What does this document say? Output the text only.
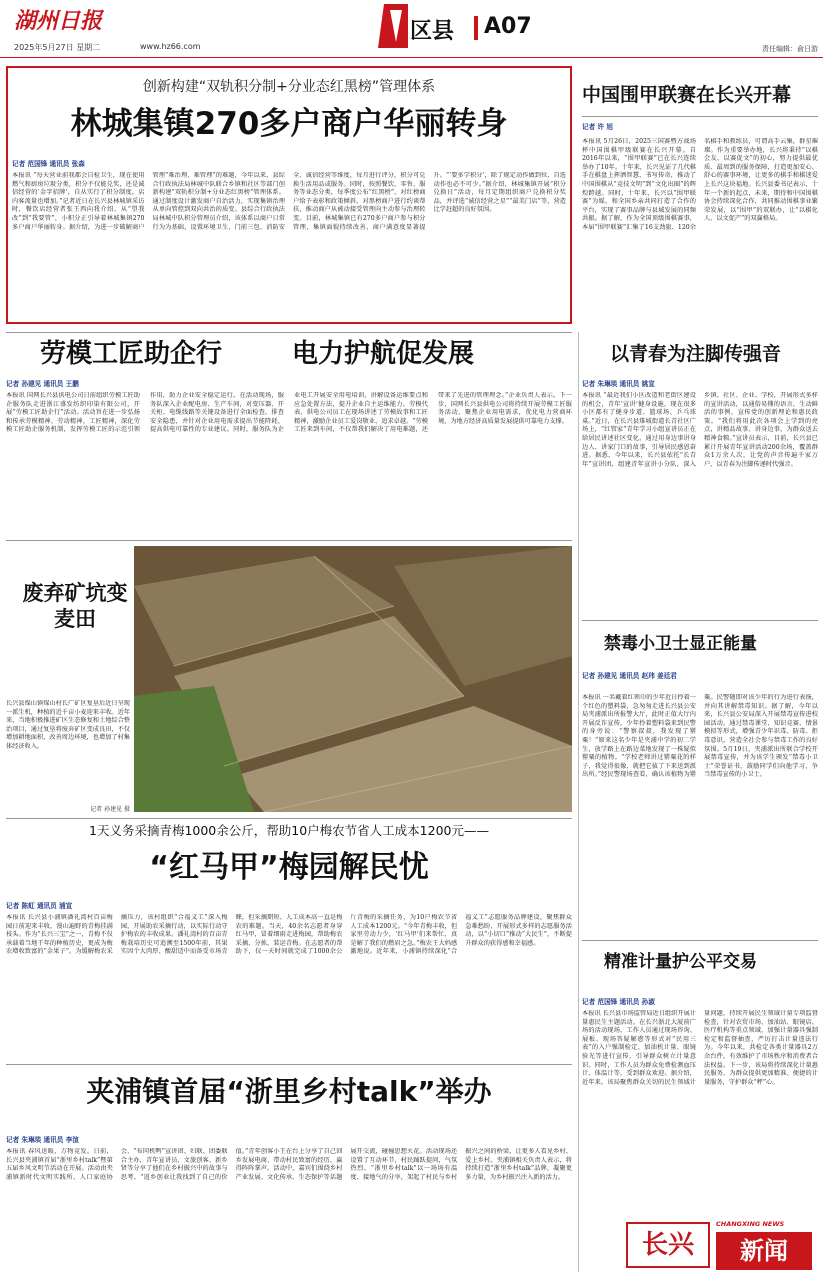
湖州日报
2025年5月27日 星期二	www.hz66.com
区县	A07
责任编辑：俞日游
创新构建“双轨积分制+分业态红黑榜”管理体系
林城集镇270多户商户华丽转身
记者 范国锋 通讯员 张森
本报讯 “每天营业前我都会自检卫生，现在使用燃气和厨房垃圾分类，积分不仅能兑奖，还是诚信经营的‘金字招牌’，自从实行了积分制度，店内客流量也增加。”记者近日在长兴县林城镇采访时，餐饮店经营者张王西向我介绍。从“望我改”到“我要管”，小积分正引导着林城集镇270多户商户华丽转身。据介绍，为进一步破解商户管理“难治理、难管理”的难题，今年以来，县综合行政执法局林城中队联合乡镇和社区等部门创新构建“双轨积分制+分业态红黑榜”管理体系。通过制度设计激发商户自治活力，实现集镇治理从单向管控到双向共治的质变。县综合行政执法局林城中队积分管理员介绍，该体系以商户日常行为为基础，设置环境卫生、门前三包、消防安全、诚信经营等维度，每月进行评分，积分可兑换生活用品或服务。同时，按照餐饮、零售、服务等业态分类，每季度公布“红黑榜”，对红榜商户给予表彰和政策倾斜，对黑榜商户进行约谈帮扶，推动商户从被动接受管理向主动参与治理转变。目前，林城集镇已有270多户商户参与积分管理，集镇面貌持续改善，商户满意度显著提升。“‘要多学积分’，除了规定动作做到位，自选动作也必不可少。”据介绍，林城集镇开展“积分兑换日”活动，每月定期组织商户兑换积分奖品，并评选“诚信经营之星”“最美门店”等，营造比学赶超的良好氛围。
中国围甲联赛在长兴开幕
记者 许 旭
本报讯 5月26日，2025三国赛暨方战场杯中国围棋甲级联赛在长兴开幕。自2016年以来，“围甲联赛”已在长兴连续举办了10年。十年来，长兴见证了几代棋手在棋盘上挥洒智慧、书写传奇，推动了中国围棋从“竞技文明”到“文化出圈”的辉煌跨越。同时，十年来，长兴以“围甲联赛”为媒，和全国乡亲共同打造了合作的平台，实现了赛事品牌与县域发展的同频共振。据了解，作为全国顶级围棋赛事，本届“围甲联赛”汇集了16支劲旅、120余名棋手和教练员，可谓高手云集，群星璀璨。作为重要举办地，长兴将秉持“以棋会友、以赛促文”的初心，努力提供最优质、最周到的服务保障，打造更加安心、舒心的赛事环境，让更多的棋手和棋迷爱上长兴这块福地。长兴县委书记表示，十年一个新的起点，未来，期待和中国围棋协会持续深化合作，共同推动围棋事业繁荣发展，以“围甲”的双联办，让“以棋化人、以文促产”的双赢格局。
劳模工匠助企行	电力护航促发展
记者 孙建见 通讯员 王鹏
本报讯 国网长兴县供电公司日前组织劳模工匠助企服务队走进浙江盛发纺织印染有限公司，开展“劳模工匠助企行”活动。活动旨在进一步弘扬和传承劳模精神、劳动精神、工匠精神，深化劳模工匠助企服务机制，发挥劳模工匠的示范引领作用，助力企业安全稳定运行。在活动现场，服务队深入企业配电房、生产车间，对变压器、开关柜、电缆线路等关键设备进行全面检查，排查安全隐患，并针对企业用电需求提出节能降耗、提高供电可靠性的专业建议。同时，服务队为企业电工开展安全用电培训，讲解设备运维要点和应急处置方法，提升企业自主运维能力。劳模代表、供电公司员工在现场讲述了劳模故事和工匠精神，激励企业员工爱岗敬业、追求卓越。“劳模工匠来到车间，不仅帮我们解决了用电难题，还带来了先进的管理理念。”企业负责人表示。下一步，国网长兴县供电公司将持续开展劳模工匠服务活动，聚焦企业用电需求，优化电力营商环境，为地方经济高质量发展提供可靠电力支撑。
以青春为注脚传强音
记者 朱琳琰 通讯员 姚宣
本报讯 “最近我们小区改造和老街区建设的机会，青年‘宣讲’健身设施，现在很多小区都有了健身步道、篮球场、乒乓球桌。”近日，在长兴县雉城街道长青社区广场上，“红管家”青年学习小组宣讲员正在给居民讲述社区变化，通过用身边事讲身边人、讲家门口的故事，引导居民感恩奋进。据悉，今年以来，长兴县依托“长青年”宣讲团，组建青年宣讲小分队，深入乡镇、社区、企业、学校，开展形式多样的宣讲活动，以通俗易懂的语言、生动鲜活的事例，宣传党的创新理论和惠民政策。“我们将用此次各项会上学到的亮点，讲精品故事、讲身边事，为群众送去精神食粮。”宣讲员表示，目前，长兴县已累计开展青年宣讲活动200余场，覆盖群众1万余人次，让党的声音传遍千家万户，以青春为注脚传递时代强音。
废弃矿坑变麦田
长兴县煤山镇煤山村长广矿区复垦后近日呈现一派生机，种植的近千亩小麦迎来丰收。近年来，当地积极推进矿区生态修复和土地综合整治项目，通过复垦将废弃矿区变成良田，不仅增加耕地面积，改善周边环境，也增加了村集体经济收入。
记者 孙建见 摄
禁毒小卫士显正能量
记者 孙建见 通讯员 赵玮 姜廷君
本报讯 一名戴着红领巾的少年近日拎着一个红色的塑料袋，急匆匆走进长兴县公安局夹浦派出所报警大厅，此时正值大厅内开展反诈宣传，少年拎着塑料袋来到民警的身旁说：“警察叔叔，我发现了罂粟！”原来这名少年是夹浦中学的初二学生，放学路上在路边菜地发现了一株疑似罂粟的植物。“学校老师讲过罂粟花的样子，我觉得很像，就把它拔了下来送到派出所。”经民警现场查看，确认该植物为罂粟。民警随即对该少年的行为进行表扬，并向其讲解禁毒知识。据了解，今年以来，长兴县公安局深入开展禁毒宣传进校园活动，通过禁毒课堂、知识竞赛、情景模拟等形式，增强青少年识毒、防毒、拒毒意识，营造全社会参与禁毒工作的良好氛围。5月19日，夹浦派出所联合学校开展禁毒宣传，并为该学生颁发“禁毒小卫士”荣誉证书，鼓励同学们向他学习，争当禁毒宣传的小卫士。
1天义务采摘青梅1000余公斤，帮助10户梅农节省人工成本1200元——
“红马甲”梅园解民忧
记者 陈虹 通讯员 浦宣
本报讯 长兴县小浦镇潘礼湾村百亩梅园日前迎来丰收，漫山遍野的青梅挂满枝头。作为“长兴三宝”之一，青梅不仅承载着当地干年的种植历史，更成为梅农增收致富的“金果子”。为缓解梅农采摘压力，该村组织“合福义工”深入梅园，开展助农采摘行动，以实际行动守护梅农的丰收成果。潘礼湾村的百亩青梅栽培历史可追溯至1500年前，其果实因个大肉厚、酸甜适中而备受市场青睐，但采摘期短、人工成本高一直是梅农的难题。当天，40余名志愿者身穿红马甲，冒着细雨走进梅园，帮助梅农采摘、分拣、装运青梅。在志愿者的帮助下，仅一天时间就完成了1000余公斤青梅的采摘任务，为10户梅农节省人工成本1200元。“今年青梅丰收，但家里劳动力少，‘红马甲’们来帮忙，真是解了我们的燃眉之急。”梅农王大妈感激地说。近年来，小浦镇持续深化“合福义工”志愿服务品牌建设，聚焦群众急难愁盼，开展形式多样的志愿服务活动，以“小切口”推动“大民生”，不断提升群众的获得感和幸福感。
精准计量护公平交易
记者 范国锋 通讯员 孙淑
本报讯 长兴县市场监管局近日组织开展计量惠民生主题活动。在长兴浙北大厦前广场的活动现场，工作人员通过现场咨询、展板、现场答疑解惑等形式对“民用三表”的入户强制检定、加油机计量、眼镜验光等进行宣传，引导群众树立计量意识。同时，工作人员为群众免费检测血压计、体温计等，受到群众欢迎。据介绍，近年来，该局聚焦群众关切的民生领域计量问题，持续开展民生领域计量专项监督检查，针对农贸市场、加油站、眼镜店、医疗机构等重点领域，加强计量器具强制检定和监督抽查，严厉打击计量违法行为。今年以来，共检定各类计量器具2万余台件，有效维护了市场秩序和消费者合法权益。下一步，该局将持续深化计量惠民服务，为群众提供更加精准、便捷的计量服务，守护群众“秤”心。
夹浦镇首届“浙里乡村talk”举办
记者 朱琳琰 通讯员 李渲
本报讯 春风送暖，万物竞发。日前，长兴县夹浦镇首届“浙里乡村talk”暨第五届乡风文明节活动在开展。活动由夹浦镇新时代文明实践所、人口家庭协会、“布同机鸭”宣讲团、妇联、团委联合主办，青年宣讲员、文旅创客、新乡贤等分享了他们在乡村振兴中的故事与思考。“返乡创业让我找到了自己的价值。”青年创客小王在台上分享了自己回乡发展电商、带动村民致富的经历，赢得阵阵掌声。活动中，嘉宾们围绕乡村产业发展、文化传承、生态保护等话题展开交流，碰撞思想火花。活动现场还设置了互动环节，村民踊跃提问，气氛热烈。“浙里乡村talk”以一场场有温度、接地气的分享，架起了村民与乡村振兴之间的桥梁，让更多人看见乡村、爱上乡村。夹浦镇相关负责人表示，将持续打造“浙里乡村talk”品牌，凝聚更多力量，为乡村振兴注入新的活力。
长兴
CHANGXING NEWS
新闻
